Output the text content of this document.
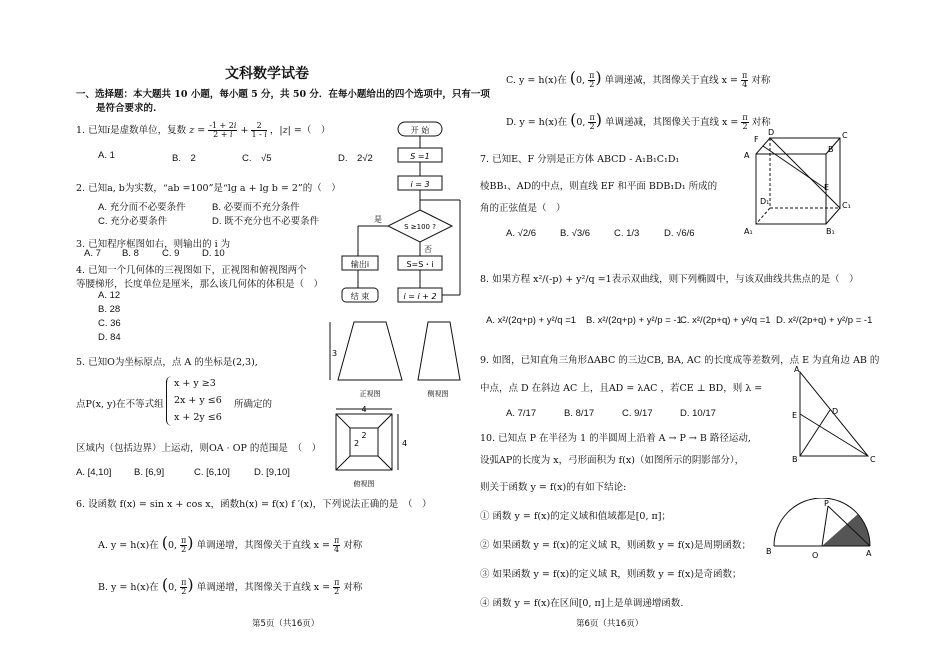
文科数学试卷
一、选择题：本大题共 10 小题，每小题 5 分，共 50 分．在每小题给出的四个选项中，只有一项
是符合要求的.
1. 已知i是虚数单位，复数 $z = \frac{-1 + 2i}{2 + i} + \frac{2}{1 - i}$ ，|z| =（　）
A. 1	B.　2	C.　√5	D.　2√2
2. 已知a, b为实数，“ab =100”是“lg a + lg b = 2”的（　）
A. 充分而不必要条件	B. 必要而不充分条件
C. 充分必要条件	D. 既不充分也不必要条件
3. 已知程序框图如右，则输出的 i 为
A. 7 B. 8 C. 9 D. 10
4. 已知一个几何体的三视图如下，正视图和俯视图两个
等腰梯形，长度单位是厘米，那么该几何体的体积是（　）
A. 12
B. 28
C. 36
D. 84
5. 已知O为坐标原点，点 A 的坐标是(2,3),
点P(x, y)在不等式组
x + y ≥3
2x + y ≤6
x + 2y ≤6
所确定的
区域内（包括边界）上运动，则OA · OP 的范围是　（　）
A. [4,10] B. [6,9]	C. [6,10]	D. [9,10]
6. 设函数 f(x) = sin x + cos x，函数h(x) = f(x) f ′(x)，下列说法正确的是　（　）
A. y = h(x)在 (0, $\frac{\pi}{2}$ ) 单调递增，其图像关于直线 $x = \frac{\pi}{4}$ 对称
B. y = h(x)在 (0, $\frac{\pi}{2}$ ) 单调递增，其图像关于直线 $x = \frac{\pi}{2}$ 对称
第5页（共16页）
开 始
S =1
i = 3
S ≥100 ?
是
否
输出i	S=S・i
i = i + 2
结 束
3
正视图	侧视图
4
2
2	4
俯视图
C. y = h(x)在 (0, $\frac{\pi}{2}$ ) 单调递减，其图像关于直线 $x = \frac{\pi}{4}$ 对称
D. y = h(x)在 (0, $\frac{\pi}{2}$ ) 单调递减，其图像关于直线 $x = \frac{\pi}{2}$ 对称
7. 已知E、F 分别是正方体 ABCD - A₁B₁C₁D₁
棱BB₁、AD的中点，则直线 EF 和平面 BDB₁D₁ 所成的
角的正弦值是（　）
A. √2/6	B. √3/6	C. 1/3	D. √6/6
A
F
D
B
C
E
D₁	C₁
A₁	B₁
8. 如果方程 x²/(-p) + y²/q =1表示双曲线，则下列椭圆中，与该双曲线共焦点的是（　）
A. x²/(2q+p) + y²/q =1 B. x²/(2q+p) + y²/p = -1
C. x²/(2p+q) + y²/q =1 D. x²/(2p+q) + y²/p = -1
9. 如图，已知直角三角形ΔABC 的三边CB, BA, AC 的长度成等差数列，点 E 为直角边 AB 的
中点，点 D 在斜边 AC 上，且AD = λAC ，若CE ⊥ BD，则 λ =
A. 7/17	B. 8/17	C. 9/17	D. 10/17
A
E	D
B	C
10. 已知点 P 在半径为 1 的半圆周上沿着 A → P → B 路径运动,
设弧AP的长度为 x，弓形面积为 f(x)（如图所示的阴影部分），
则关于函数 y = f(x)的有如下结论:
① 函数 y = f(x)的定义域和值域都是[0, π]；
② 如果函数 y = f(x)的定义域 R，则函数 y = f(x)是周期函数；
③ 如果函数 y = f(x)的定义域 R，则函数 y = f(x)是奇函数；
④ 函数 y = f(x)在区间[0, π]上是单调递增函数.
P
B	O	A
第6页（共16页）
